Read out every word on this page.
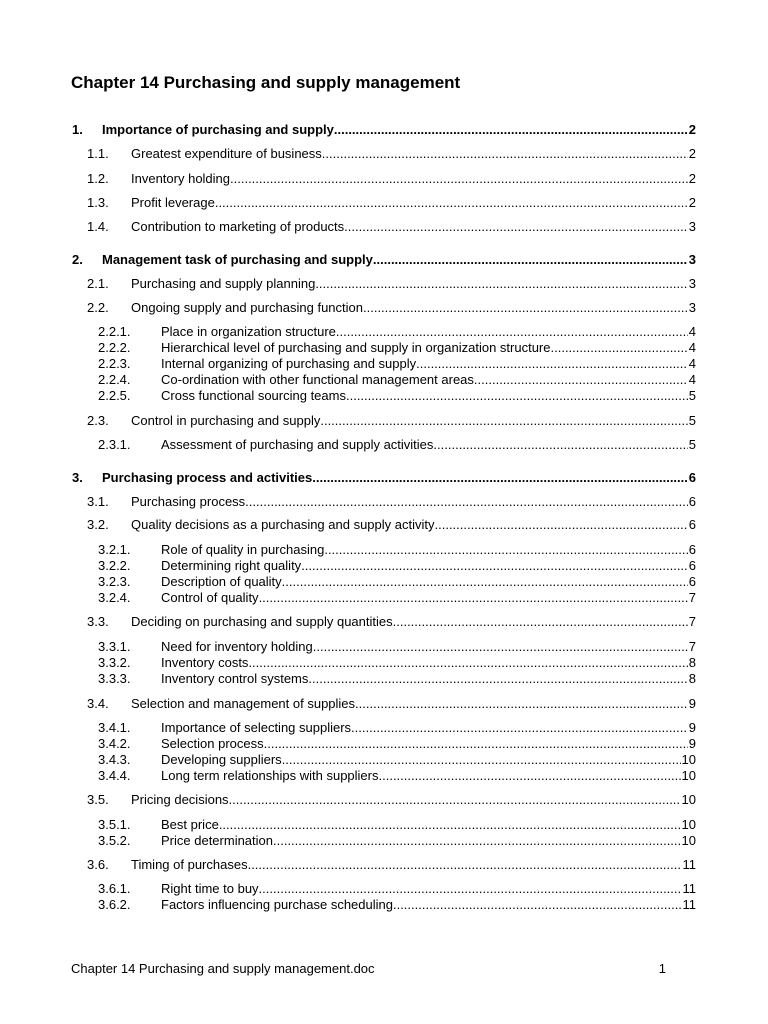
Chapter 14 Purchasing and supply management
1. Importance of purchasing and supply .....	2
1.1. Greatest expenditure of business .....	2
1.2. Inventory holding .....	2
1.3. Profit leverage .....	2
1.4. Contribution to marketing of products .....	3
2. Management task of purchasing and supply .....	3
2.1. Purchasing and supply planning .....	3
2.2. Ongoing supply and purchasing function .....	3
2.2.1. Place in organization structure .....	4
2.2.2. Hierarchical level of purchasing and supply in organization structure .....	4
2.2.3. Internal organizing of purchasing and supply .....	4
2.2.4. Co-ordination with other functional management areas .....	4
2.2.5. Cross functional sourcing teams .....	5
2.3. Control in purchasing and supply .....	5
2.3.1. Assessment of purchasing and supply activities .....	5
3. Purchasing process and activities .....	6
3.1. Purchasing process .....	6
3.2. Quality decisions as a purchasing and supply activity .....	6
3.2.1. Role of quality in purchasing .....	6
3.2.2. Determining right quality .....	6
3.2.3. Description of quality .....	6
3.2.4. Control of quality .....	7
3.3. Deciding on purchasing and supply quantities .....	7
3.3.1. Need for inventory holding .....	7
3.3.2. Inventory costs .....	8
3.3.3. Inventory control systems .....	8
3.4. Selection and management of supplies .....	9
3.4.1. Importance of selecting suppliers .....	9
3.4.2. Selection process .....	9
3.4.3. Developing suppliers .....	10
3.4.4. Long term relationships with suppliers .....	10
3.5. Pricing decisions .....	10
3.5.1. Best price .....	10
3.5.2. Price determination .....	10
3.6. Timing of purchases .....	11
3.6.1. Right time to buy .....	11
3.6.2. Factors influencing purchase scheduling .....	11
Chapter 14 Purchasing and supply management.doc	1
